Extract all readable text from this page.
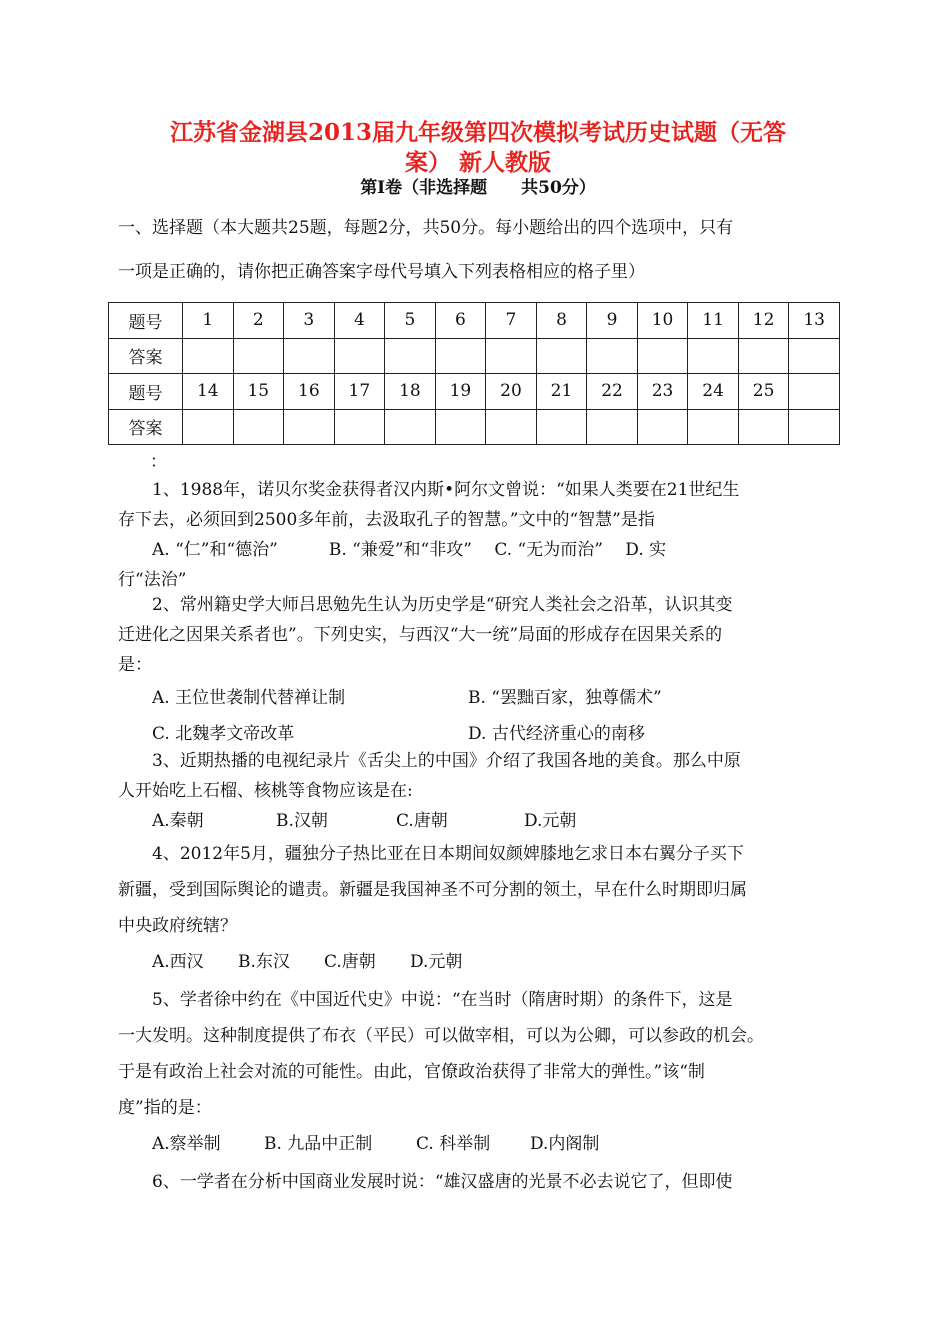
江苏省金湖县2013届九年级第四次模拟考试历史试题（无答
案） 新人教版
第Ⅰ卷（非选择题　　共50分）

一、选择题（本大题共25题，每题2分，共50分。每小题给出的四个选项中，只有
一项是正确的，请你把正确答案字母代号填入下列表格相应的格子里）

题号	1	2	3	4	5	6	7	8	9	10	11	12	13
答案													
题号	14	15	16	17	18	19	20	21	22	23	24	25	
答案													
：

1、1988年，诺贝尔奖金获得者汉内斯•阿尔文曾说：“如果人类要在21世纪生

存下去，必须回到2500多年前，去汲取孔子的智慧。”文中的“智慧”是指

A. “仁”和“德治”　　　B. “兼爱”和“非攻”　 C. “无为而治”　 D. 实

行“法治”

2、常州籍史学大师吕思勉先生认为历史学是“研究人类社会之沿革，认识其变

迁进化之因果关系者也”。下列史实，与西汉“大一统”局面的形成存在因果关系的

是：

A. 王位世袭制代替禅让制	B. “罢黜百家，独尊儒术”

C. 北魏孝文帝改革	D. 古代经济重心的南移

3、近期热播的电视纪录片《舌尖上的中国》介绍了我国各地的美食。那么中原

人开始吃上石榴、核桃等食物应该是在:

A.秦朝	B.汉朝	C.唐朝	D.元朝

4、2012年5月，疆独分子热比亚在日本期间奴颜婢膝地乞求日本右翼分子买下

新疆，受到国际舆论的谴责。新疆是我国神圣不可分割的领土，早在什么时期即归属

中央政府统辖？

A.西汉	B.东汉	C.唐朝	D.元朝

5、学者徐中约在《中国近代史》中说：“在当时（隋唐时期）的条件下，这是

一大发明。这种制度提供了布衣（平民）可以做宰相，可以为公卿，可以参政的机会。

于是有政治上社会对流的可能性。由此，官僚政治获得了非常大的弹性。”该“制

度”指的是：

A.察举制	B. 九品中正制	C. 科举制	D.内阁制

6、一学者在分析中国商业发展时说：“雄汉盛唐的光景不必去说它了，但即使
